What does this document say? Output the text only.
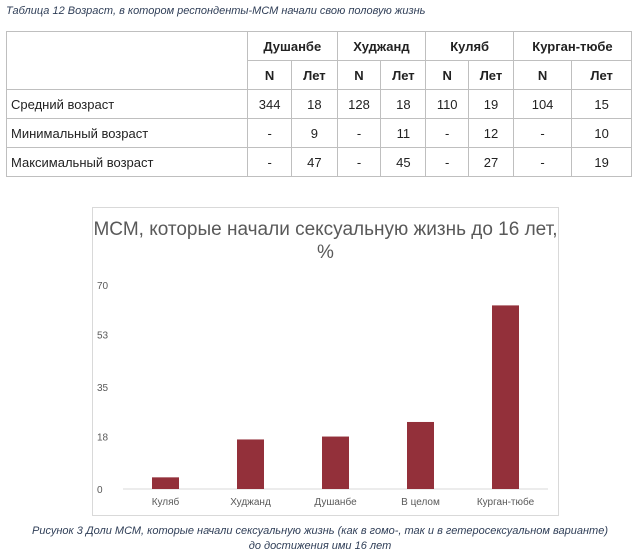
Таблица 12 Возраст, в котором респонденты-МСМ начали свою половую жизнь
	Душанбе		Худжанд		Куляб		Курган-тюбе	
	N	Лет	N	Лет	N	Лет	N	Лет
Средний возраст	344	18	128	18	110	19	104	15
Минимальный возраст	-	9	-	11	-	12	-	10
Максимальный возраст	-	47	-	45	-	27	-	19
МСМ, которые начали сексуальную жизнь до 16 лет, %
0
18
35
53
70
Куляб	Худжанд	Душанбе	В целом	Курган-тюбе
Рисунок 3 Доли МСМ, которые начали сексуальную жизнь (как в гомо-, так и в гетеросексуальном варианте)
до достижения ими 16 лет
